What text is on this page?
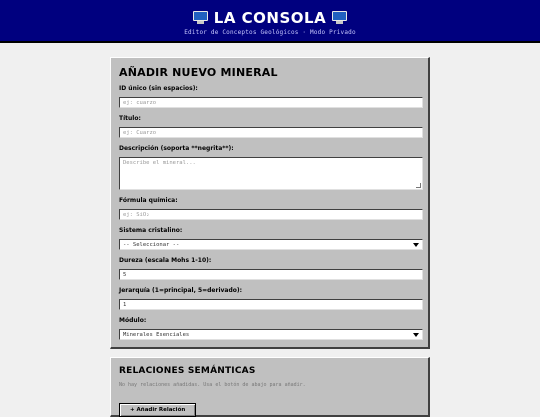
LA CONSOLA
Editor de Conceptos Geológicos · Modo Privado
AÑADIR NUEVO MINERAL
ID único (sin espacios):
ej: cuarzo
Título:
ej: Cuarzo
Descripción (soporta **negrita**):
Describe el mineral...
Fórmula química:
ej: SiO₂
Sistema cristalino:
-- Seleccionar --
Dureza (escala Mohs 1-10):
5
Jerarquía (1=principal, 5=derivado):
1
Módulo:
Minerales Esenciales
RELACIONES SEMÁNTICAS
No hay relaciones añadidas. Usa el botón de abajo para añadir.
+ Añadir Relación
